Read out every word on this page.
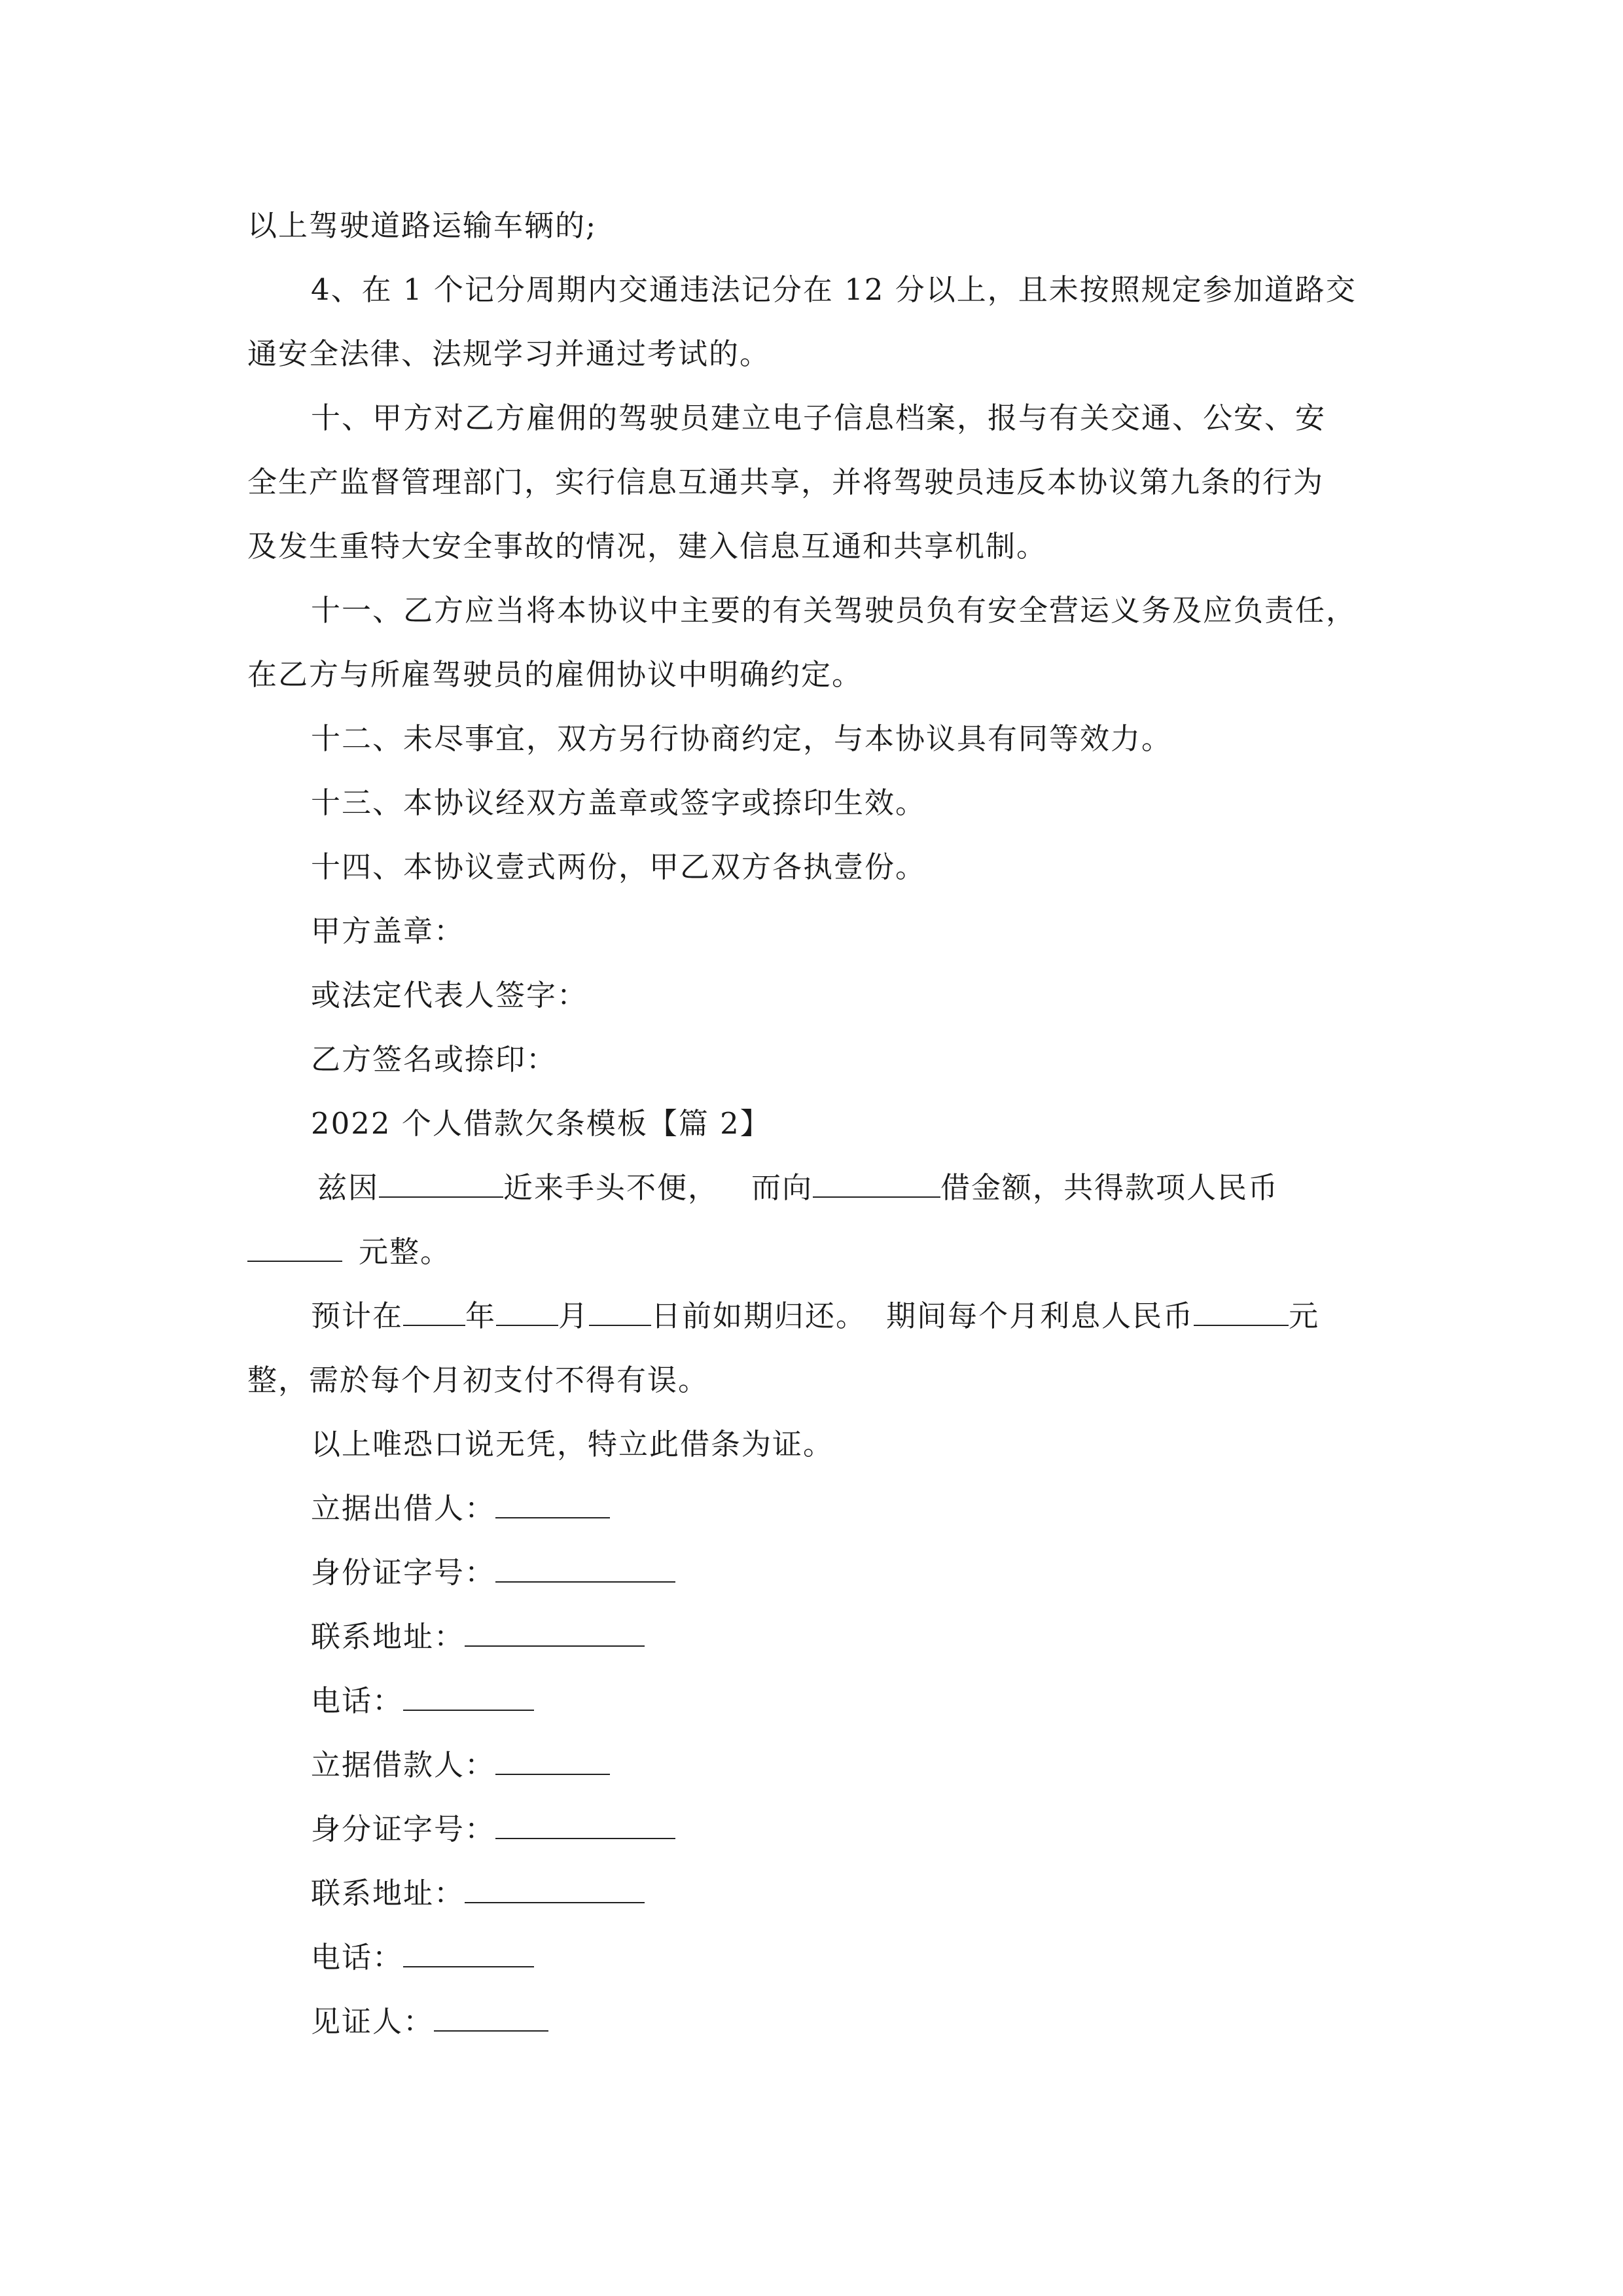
以上驾驶道路运输车辆的;
4、在 1 个记分周期内交通违法记分在 12 分以上，且未按照规定参加道路交
通安全法律、法规学习并通过考试的。
十、甲方对乙方雇佣的驾驶员建立电子信息档案，报与有关交通、公安、安
全生产监督管理部门，实行信息互通共享，并将驾驶员违反本协议第九条的行为
及发生重特大安全事故的情况，建入信息互通和共享机制。
十一、乙方应当将本协议中主要的有关驾驶员负有安全营运义务及应负责任，
在乙方与所雇驾驶员的雇佣协议中明确约定。
十二、未尽事宜，双方另行协商约定，与本协议具有同等效力。
十三、本协议经双方盖章或签字或捺印生效。
十四、本协议壹式两份，甲乙双方各执壹份。
甲方盖章：
或法定代表人签字：
乙方签名或捺印：
2022 个人借款欠条模板【篇 2】
兹因	近来手头不便， 而向	借金额，共得款项人民币
元整。
预计在 年 月 日前如期归还。 期间每个月利息人民币	元
整，需於每个月初支付不得有误。
以上唯恐口说无凭，特立此借条为证。
立据出借人：
身份证字号：
联系地址：
电话：
立据借款人：
身分证字号：
联系地址：
电话：
见证人：
